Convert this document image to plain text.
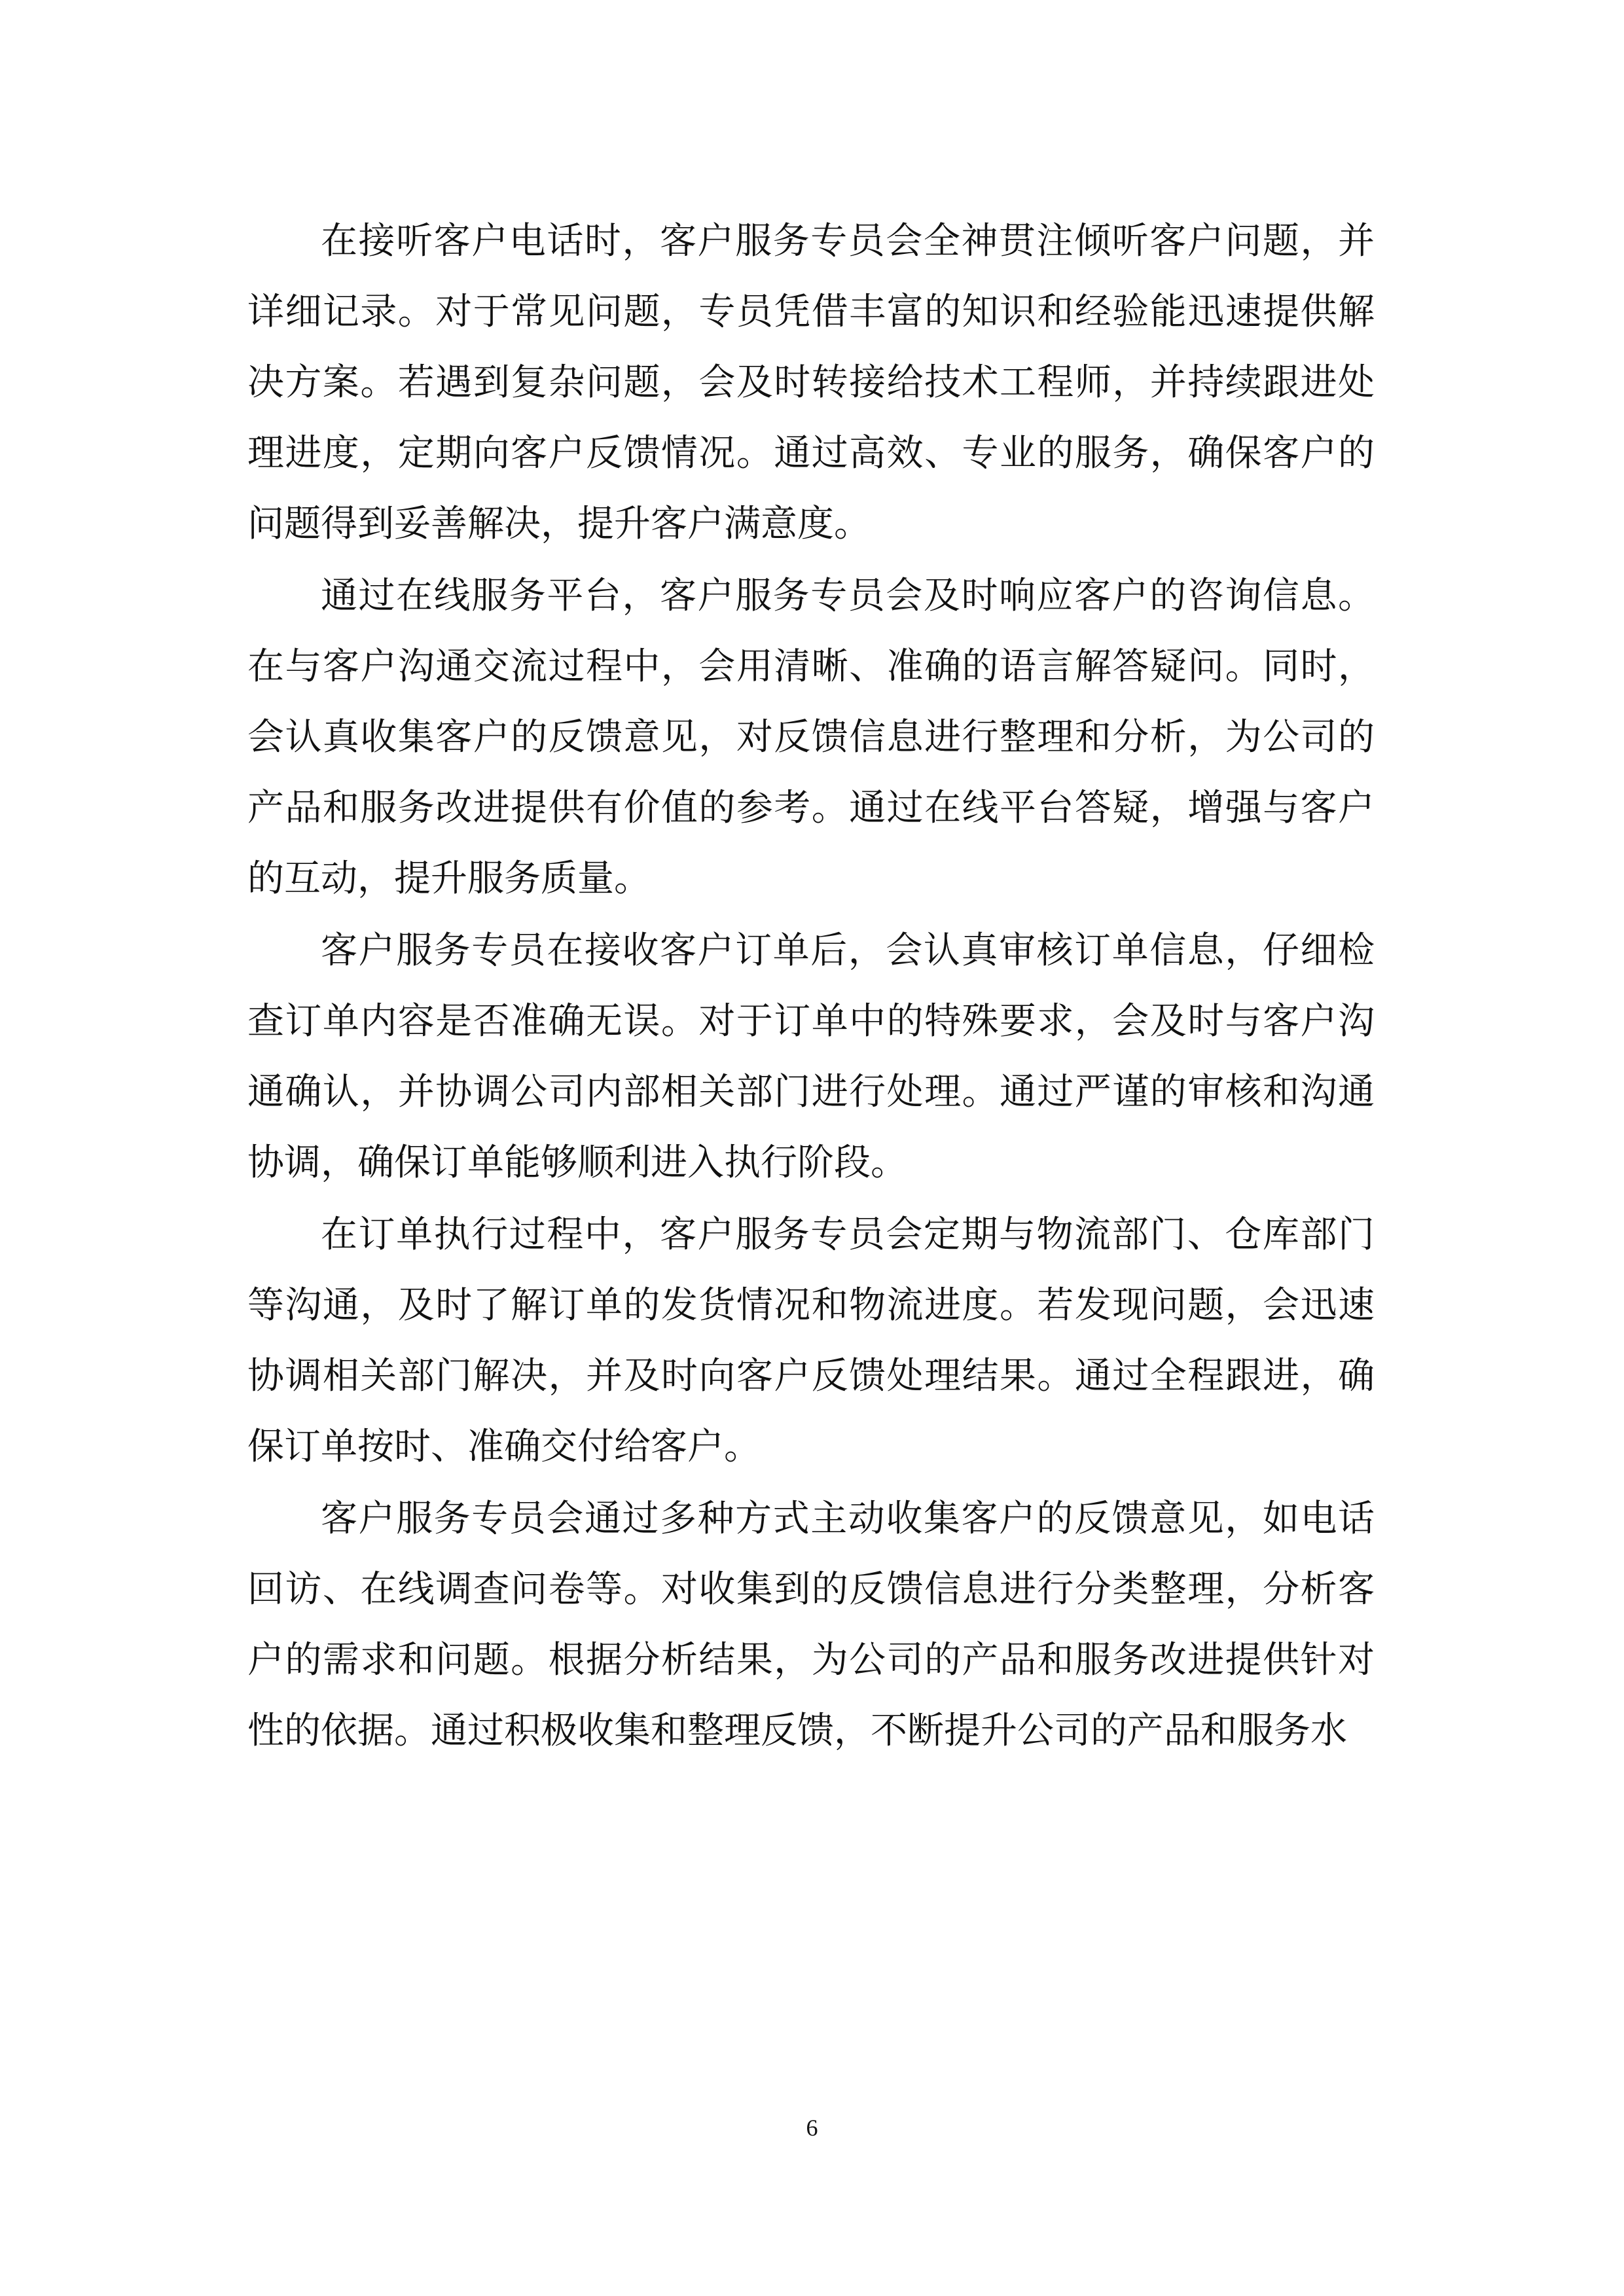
在接听客户电话时，客户服务专员会全神贯注倾听客户问题，并详细记录。对于常见问题，专员凭借丰富的知识和经验能迅速提供解决方案。若遇到复杂问题，会及时转接给技术工程师，并持续跟进处理进度，定期向客户反馈情况。通过高效、专业的服务，确保客户的问题得到妥善解决，提升客户满意度。

通过在线服务平台，客户服务专员会及时响应客户的咨询信息。在与客户沟通交流过程中，会用清晰、准确的语言解答疑问。同时，会认真收集客户的反馈意见，对反馈信息进行整理和分析，为公司的产品和服务改进提供有价值的参考。通过在线平台答疑，增强与客户的互动，提升服务质量。

客户服务专员在接收客户订单后，会认真审核订单信息，仔细检查订单内容是否准确无误。对于订单中的特殊要求，会及时与客户沟通确认，并协调公司内部相关部门进行处理。通过严谨的审核和沟通协调，确保订单能够顺利进入执行阶段。

在订单执行过程中，客户服务专员会定期与物流部门、仓库部门等沟通，及时了解订单的发货情况和物流进度。若发现问题，会迅速协调相关部门解决，并及时向客户反馈处理结果。通过全程跟进，确保订单按时、准确交付给客户。

客户服务专员会通过多种方式主动收集客户的反馈意见，如电话回访、在线调查问卷等。对收集到的反馈信息进行分类整理，分析客户的需求和问题。根据分析结果，为公司的产品和服务改进提供针对性的依据。通过积极收集和整理反馈，不断提升公司的产品和服务水

6
